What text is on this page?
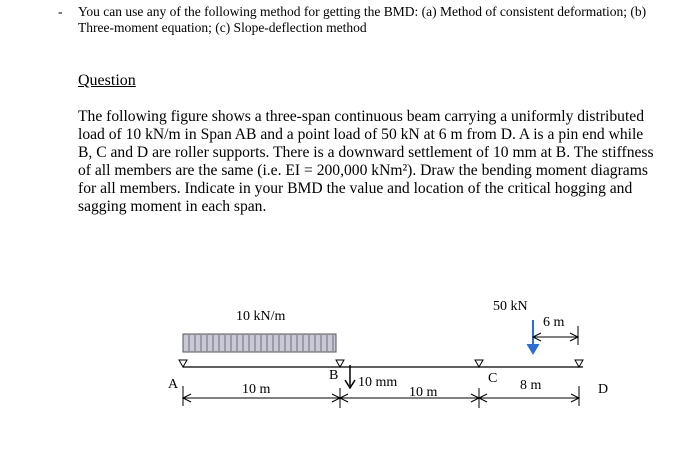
- You can use any of the following method for getting the BMD: (a) Method of consistent deformation; (b)
Three-moment equation; (c) Slope-deflection method
Question

The following figure shows a three-span continuous beam carrying a uniformly distributed

load of 10 kN/m in Span AB and a point load of 50 kN at 6 m from D. A is a pin end while

B, C and D are roller supports. There is a downward settlement of 10 mm at B. The stiffness

of all members are the same (i.e. EI = 200,000 kNm²). Draw the bending moment diagrams

for all members. Indicate in your BMD the value and location of the critical hogging and

sagging moment in each span.

10 kN/m
A
B	C
D
10 mm
50 kN
6 m
10 m	10 m	8 m
